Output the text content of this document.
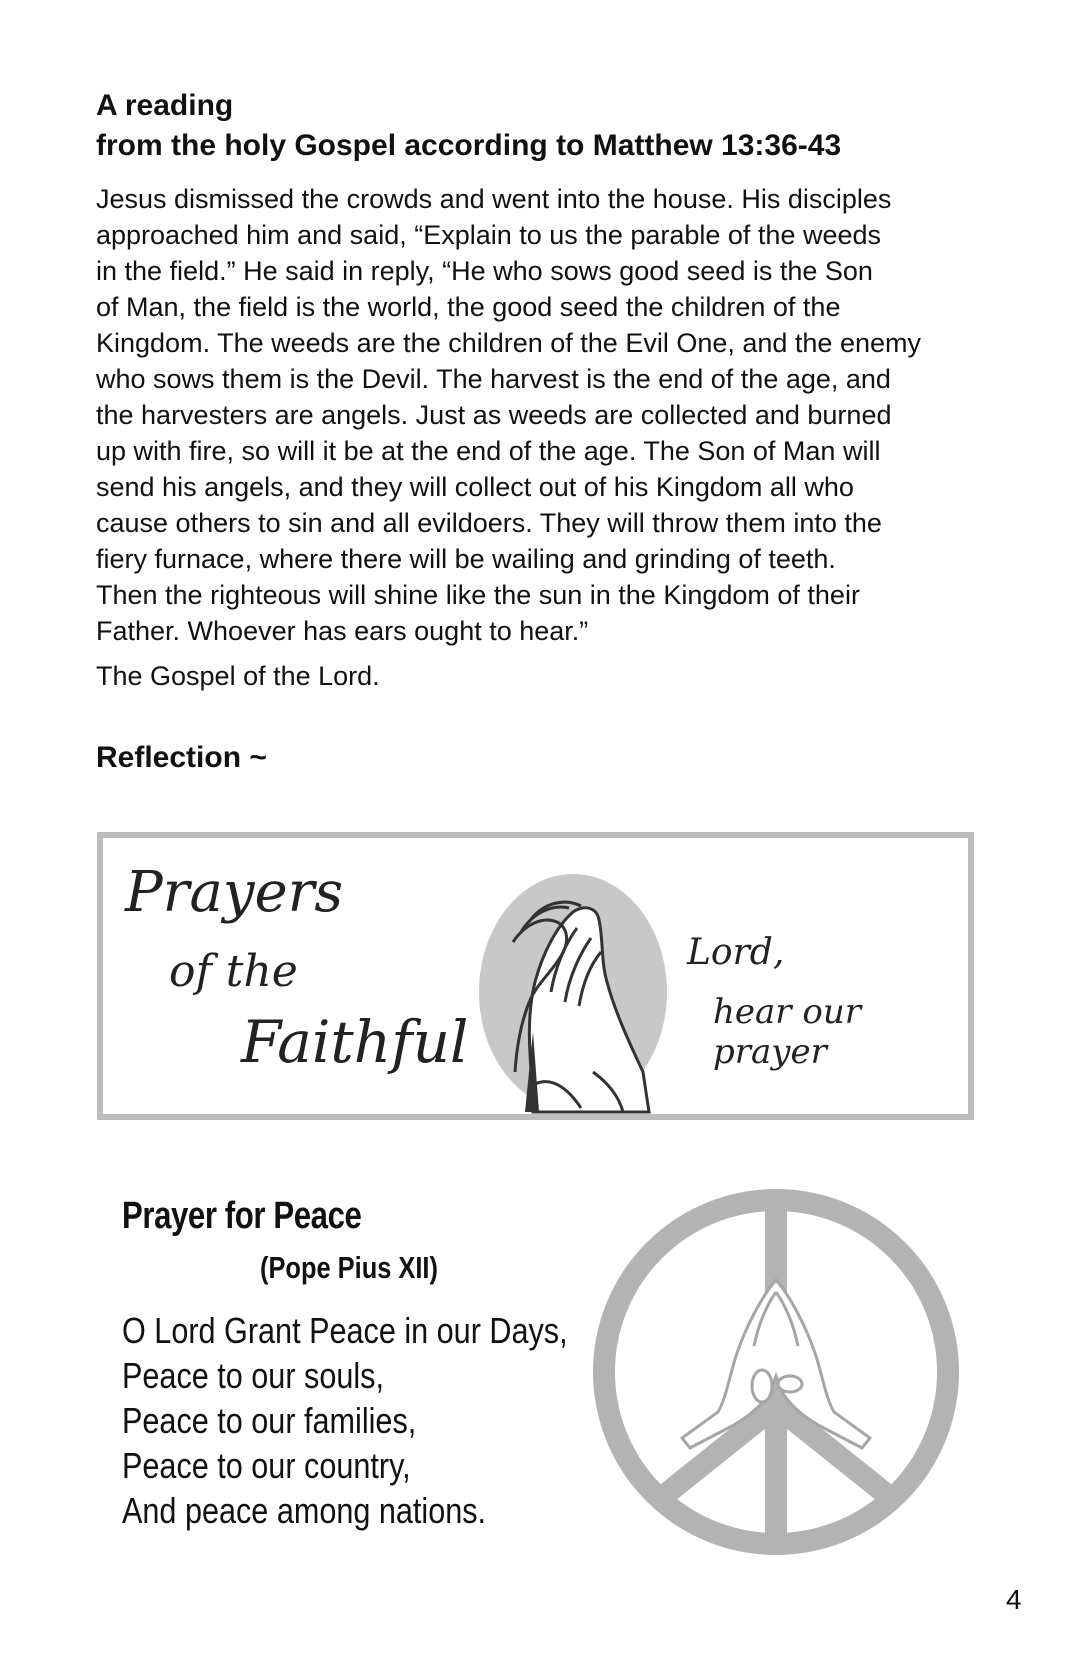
A reading
from the holy Gospel according to Matthew 13:36-43
Jesus dismissed the crowds and went into the house. His disciples
approached him and said, “Explain to us the parable of the weeds
in the field.” He said in reply, “He who sows good seed is the Son
of Man, the field is the world, the good seed the children of the
Kingdom. The weeds are the children of the Evil One, and the enemy
who sows them is the Devil. The harvest is the end of the age, and
the harvesters are angels. Just as weeds are collected and burned
up with fire, so will it be at the end of the age. The Son of Man will
send his angels, and they will collect out of his Kingdom all who
cause others to sin and all evildoers. They will throw them into the
fiery furnace, where there will be wailing and grinding of teeth.
Then the righteous will shine like the sun in the Kingdom of their
Father. Whoever has ears ought to hear.”

The Gospel of the Lord.

Reflection ~
Prayers
of the
Faithful
Lord,
hear our prayer
Prayer for Peace
(Pope Pius XII)
O Lord Grant Peace in our Days,
Peace to our souls,
Peace to our families,
Peace to our country,
And peace among nations.
4
